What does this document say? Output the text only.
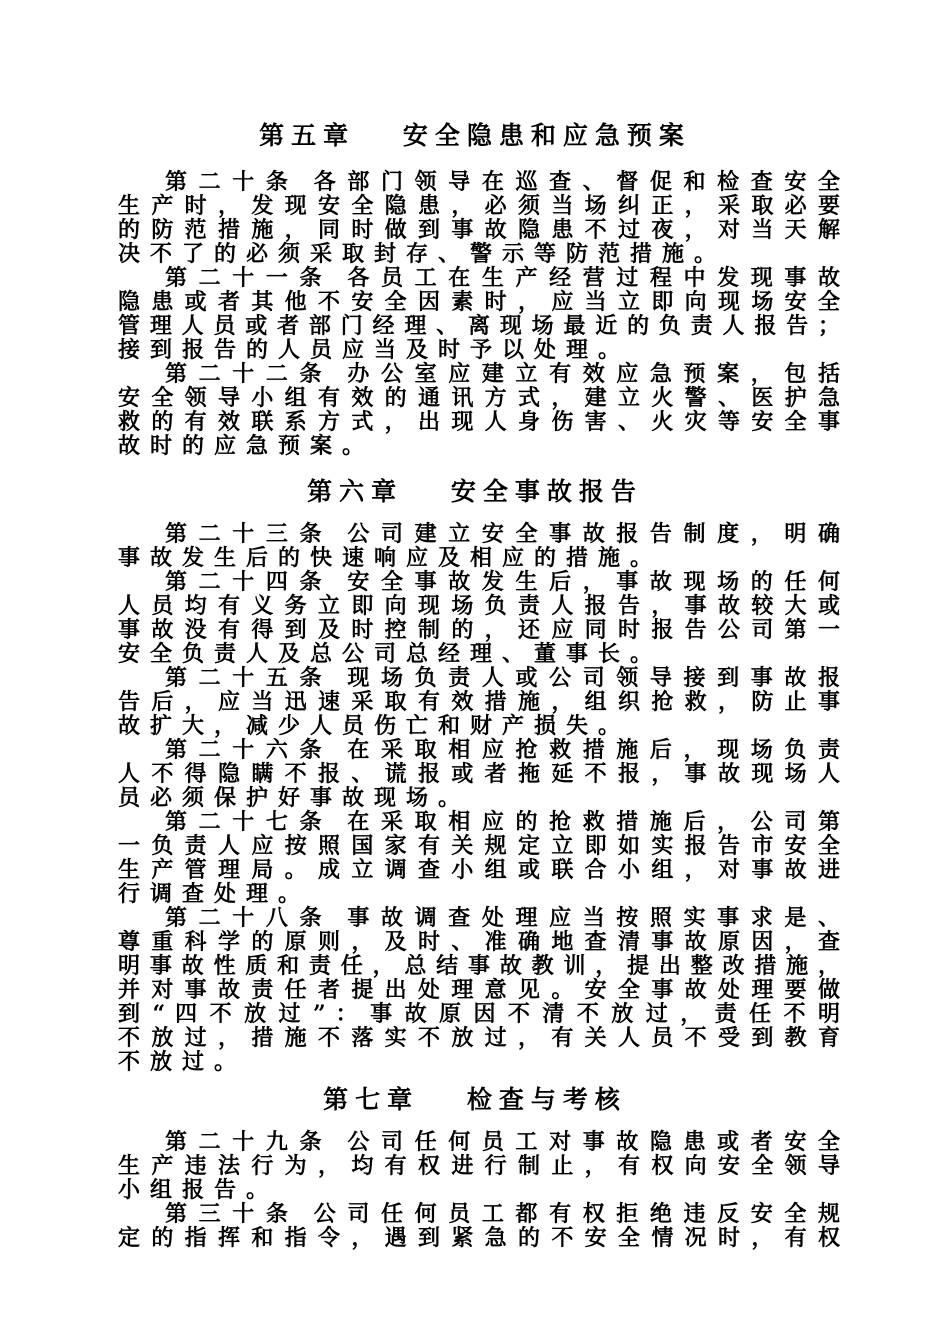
第五章　 安全隐患和应急预案
第 二 十 条　各 部 门 领 导 在 巡 查 、 督 促 和 检 查 安 全
生 产 时 ， 发 现 安 全 隐 患 ， 必 须 当 场 纠 正 ， 采 取 必 要
的 防 范 措 施 ， 同 时 做 到 事 故 隐 患 不 过 夜 ， 对 当 天 解
决不了的必须采取封存、警示等防范措施。
第 二 十 一 条　各 员 工 在 生 产 经 营 过 程 中 发 现 事 故
隐 患 或 者 其 他 不 安 全 因 素 时 ， 应 当 立 即 向 现 场 安 全
管 理 人 员 或 者 部 门 经 理 、 离 现 场 最 近 的 负 责 人 报 告 ；
接到报告的人员应当及时予以处理。
第 二 十 二 条　办 公 室 应 建 立 有 效 应 急 预 案 ， 包 括
安 全 领 导 小 组 有 效 的 通 讯 方 式 ， 建 立 火 警 、 医 护 急
救 的 有 效 联 系 方 式 ， 出 现 人 身 伤 害 、 火 灾 等 安 全 事
故时的应急预案。
第六章　 安全事故报告
第 二 十 三 条　公 司 建 立 安 全 事 故 报 告 制 度 ， 明 确
事故发生后的快速响应及相应的措施。
第 二 十 四 条　安 全 事 故 发 生 后 ， 事 故 现 场 的 任 何
人 员 均 有 义 务 立 即 向 现 场 负 责 人 报 告 ， 事 故 较 大 或
事 故 没 有 得 到 及 时 控 制 的 ， 还 应 同 时 报 告 公 司 第 一
安全负责人及总公司总经理、董事长。
第 二 十 五 条　现 场 负 责 人 或 公 司 领 导 接 到 事 故 报
告 后 ， 应 当 迅 速 采 取 有 效 措 施 ， 组 织 抢 救 ， 防 止 事
故扩大，减少人员伤亡和财产损失。
第 二 十 六 条　在 采 取 相 应 抢 救 措 施 后 ， 现 场 负 责
人 不 得 隐 瞒 不 报 、 谎 报 或 者 拖 延 不 报 ， 事 故 现 场 人
员必须保护好事故现场。
第 二 十 七 条　在 采 取 相 应 的 抢 救 措 施 后 ， 公 司 第
一 负 责 人 应 按 照 国 家 有 关 规 定 立 即 如 实 报 告 市 安 全
生 产 管 理 局 。 成 立 调 查 小 组 或 联 合 小 组 ， 对 事 故 进
行调查处理。
第 二 十 八 条　事 故 调 查 处 理 应 当 按 照 实 事 求 是 、
尊 重 科 学 的 原 则 ， 及 时 、 准 确 地 查 清 事 故 原 因 ， 查
明 事 故 性 质 和 责 任 ， 总 结 事 故 教 训 ， 提 出 整 改 措 施 ，
并 对 事 故 责 任 者 提 出 处 理 意 见 。 安 全 事 故 处 理 要 做
到 “ 四 不 放 过 ” ： 事 故 原 因 不 清 不 放 过 ， 责 任 不 明
不 放 过 ， 措 施 不 落 实 不 放 过 ， 有 关 人 员 不 受 到 教 育
不放过。
第七章　 检查与考核
第 二 十 九 条　公 司 任 何 员 工 对 事 故 隐 患 或 者 安 全
生 产 违 法 行 为 ， 均 有 权 进 行 制 止 ， 有 权 向 安 全 领 导
小组报告。
第 三 十 条　公 司 任 何 员 工 都 有 权 拒 绝 违 反 安 全 规
定 的 指 挥 和 指 令 ， 遇 到 紧 急 的 不 安 全 情 况 时 ， 有 权
